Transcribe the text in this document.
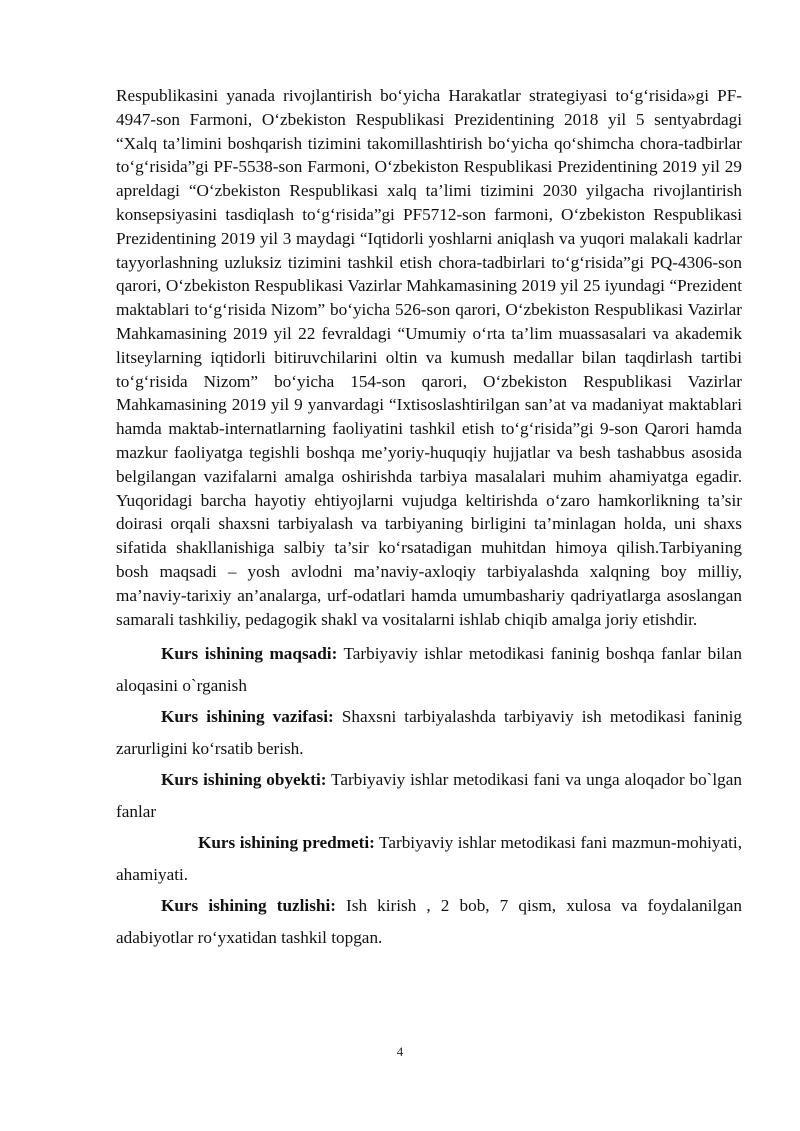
Respublikasini yanada rivojlantirish bo‘yicha Harakatlar strategiyasi to‘g‘risida»gi PF-4947-son Farmoni, O‘zbekiston Respublikasi Prezidentining 2018 yil 5 sentyabrdagi “Xalq ta’limini boshqarish tizimini takomillashtirish bo‘yicha qo‘shimcha chora-tadbirlar to‘g‘risida”gi PF-5538-son Farmoni, O‘zbekiston Respublikasi Prezidentining 2019 yil 29 apreldagi “O‘zbekiston Respublikasi xalq ta’limi tizimini 2030 yilgacha rivojlantirish konsepsiyasini tasdiqlash to‘g‘risida”gi PF5712-son farmoni, O‘zbekiston Respublikasi Prezidentining 2019 yil 3 maydagi “Iqtidorli yoshlarni aniqlash va yuqori malakali kadrlar tayyorlashning uzluksiz tizimini tashkil etish chora-tadbirlari to‘g‘risida”gi PQ-4306-son qarori, O‘zbekiston Respublikasi Vazirlar Mahkamasining 2019 yil 25 iyundagi “Prezident maktablari to‘g‘risida Nizom” bo‘yicha 526-son qarori, O‘zbekiston Respublikasi Vazirlar Mahkamasining 2019 yil 22 fevraldagi “Umumiy o‘rta ta’lim muassasalari va akademik litseylarning iqtidorli bitiruvchilarini oltin va kumush medallar bilan taqdirlash tartibi to‘g‘risida Nizom” bo‘yicha 154-son qarori, O‘zbekiston Respublikasi Vazirlar Mahkamasining 2019 yil 9 yanvardagi “Ixtisoslashtirilgan san’at va madaniyat maktablari hamda maktab-internatlarning faoliyatini tashkil etish to‘g‘risida”gi 9-son Qarori hamda mazkur faoliyatga tegishli boshqa me’yoriy-huquqiy hujjatlar va besh tashabbus asosida belgilangan vazifalarni amalga oshirishda tarbiya masalalari muhim ahamiyatga egadir. Yuqoridagi barcha hayotiy ehtiyojlarni vujudga keltirishda o‘zaro hamkorlikning ta’sir doirasi orqali shaxsni tarbiyalash va tarbiyaning birligini ta’minlagan holda, uni shaxs sifatida shakllanishiga salbiy ta’sir ko‘rsatadigan muhitdan himoya qilish.Tarbiyaning bosh maqsadi – yosh avlodni ma’naviy-axloqiy tarbiyalashda xalqning boy milliy, ma’naviy-tarixiy an’analarga, urf-odatlari hamda umumbashariy qadriyatlarga asoslangan samarali tashkiliy, pedagogik shakl va vositalarni ishlab chiqib amalga joriy etishdir.

Kurs ishining maqsadi: Tarbiyaviy ishlar metodikasi faninig boshqa fanlar bilan aloqasini o`rganish

Kurs ishining vazifasi: Shaxsni tarbiyalashda tarbiyaviy ish metodikasi faninig zarurligini ko‘rsatib berish.

Kurs ishining obyekti: Tarbiyaviy ishlar metodikasi fani va unga aloqador bo`lgan fanlar

Kurs ishining predmeti: Tarbiyaviy ishlar metodikasi fani mazmun-mohiyati, ahamiyati.

Kurs ishining tuzlishi: Ish kirish , 2 bob, 7 qism, xulosa va foydalanilgan adabiyotlar ro‘yxatidan tashkil topgan.

4
